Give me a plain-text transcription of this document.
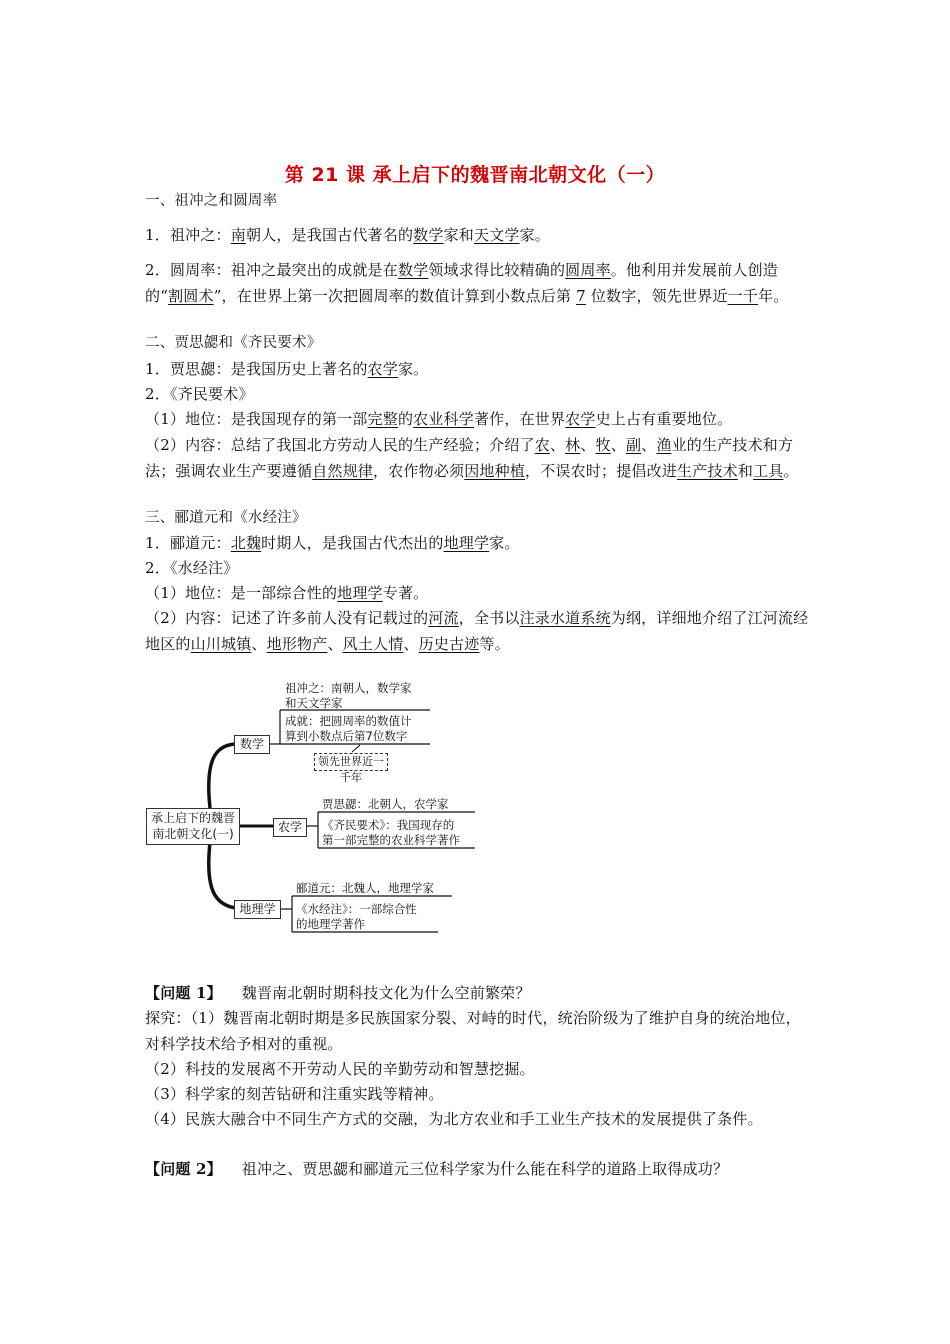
第 21 课 承上启下的魏晋南北朝文化（一）
一、祖冲之和圆周率
1．祖冲之：南朝人，是我国古代著名的数学家和天文学家。
2．圆周率：祖冲之最突出的成就是在数学领域求得比较精确的圆周率。他利用并发展前人创造的“割圆术”，在世界上第一次把圆周率的数值计算到小数点后第 7 位数字，领先世界近一千年。
二、贾思勰和《齐民要术》
1．贾思勰：是我国历史上著名的农学家。
2．《齐民要术》
（1）地位：是我国现存的第一部完整的农业科学著作，在世界农学史上占有重要地位。
（2）内容：总结了我国北方劳动人民的生产经验；介绍了农、林、牧、副、渔业的生产技术和方法；强调农业生产要遵循自然规律，农作物必须因地种植，不误农时；提倡改进生产技术和工具。
三、郦道元和《水经注》
1．郦道元：北魏时期人，是我国古代杰出的地理学家。
2．《水经注》
（1）地位：是一部综合性的地理学专著。
（2）内容：记述了许多前人没有记载过的河流，全书以注录水道系统为纲，详细地介绍了江河流经地区的山川城镇、地形物产、风土人情、历史古迹等。
承上启下的魏晋
南北朝文化(一)
数学
祖冲之：南朝人，数学家
和天文学家
成就：把圆周率的数值计
算到小数点后第7位数字
领先世界近一千年
农学
贾思勰：北朝人，农学家
《齐民要术》：我国现存的
第一部完整的农业科学著作
地理学
郦道元：北魏人，地理学家
《水经注》：一部综合性
的地理学著作
【问题 1】 魏晋南北朝时期科技文化为什么空前繁荣？
探究：（1）魏晋南北朝时期是多民族国家分裂、对峙的时代，统治阶级为了维护自身的统治地位，对科学技术给予相对的重视。
（2）科技的发展离不开劳动人民的辛勤劳动和智慧挖掘。
（3）科学家的刻苦钻研和注重实践等精神。
（4）民族大融合中不同生产方式的交融，为北方农业和手工业生产技术的发展提供了条件。
【问题 2】 祖冲之、贾思勰和郦道元三位科学家为什么能在科学的道路上取得成功？
